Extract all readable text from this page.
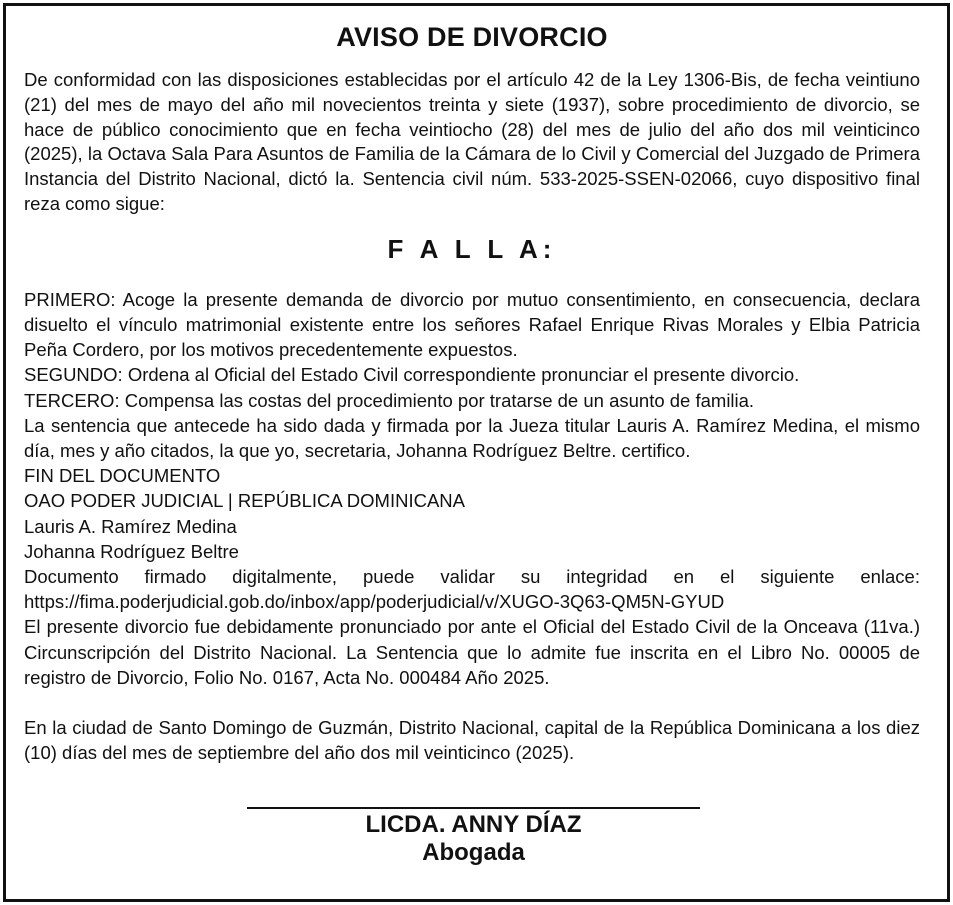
AVISO DE DIVORCIO

De conformidad con las disposiciones establecidas por el artículo 42 de la Ley 1306-Bis, de fecha veintiuno (21) del mes de mayo del año mil novecientos treinta y siete (1937), sobre procedimiento de divorcio, se hace de público conocimiento que en fecha veintiocho (28) del mes de julio del año dos mil veinticinco (2025), la Octava Sala Para Asuntos de Familia de la Cámara de lo Civil y Comercial del Juzgado de Primera Instancia del Distrito Nacional, dictó la. Sentencia civil núm. 533-2025-SSEN-02066, cuyo dispositivo final reza como sigue:

F A L L A:

PRIMERO: Acoge la presente demanda de divorcio por mutuo consentimiento, en consecuencia, declara disuelto el vínculo matrimonial existente entre los señores Rafael Enrique Rivas Morales y Elbia Patricia Peña Cordero, por los motivos precedentemente expuestos.

SEGUNDO: Ordena al Oficial del Estado Civil correspondiente pronunciar el presente divorcio.

TERCERO: Compensa las costas del procedimiento por tratarse de un asunto de familia.

La sentencia que antecede ha sido dada y firmada por la Jueza titular Lauris A. Ramírez Medina, el mismo día, mes y año citados, la que yo, secretaria, Johanna Rodríguez Beltre. certifico.

FIN DEL DOCUMENTO

OAO PODER JUDICIAL | REPÚBLICA DOMINICANA

Lauris A. Ramírez Medina

Johanna Rodríguez Beltre

Documento firmado digitalmente, puede validar su integridad en el siguiente enlace: https://fima.poderjudicial.gob.do/inbox/app/poderjudicial/v/XUGO-3Q63-QM5N-GYUD

El presente divorcio fue debidamente pronunciado por ante el Oficial del Estado Civil de la Onceava (11va.) Circunscripción del Distrito Nacional. La Sentencia que lo admite fue inscrita en el Libro No. 00005 de registro de Divorcio, Folio No. 0167, Acta No. 000484 Año 2025.

En la ciudad de Santo Domingo de Guzmán, Distrito Nacional, capital de la República Dominicana a los diez (10) días del mes de septiembre del año dos mil veinticinco (2025).

LICDA. ANNY DÍAZ
Abogada
